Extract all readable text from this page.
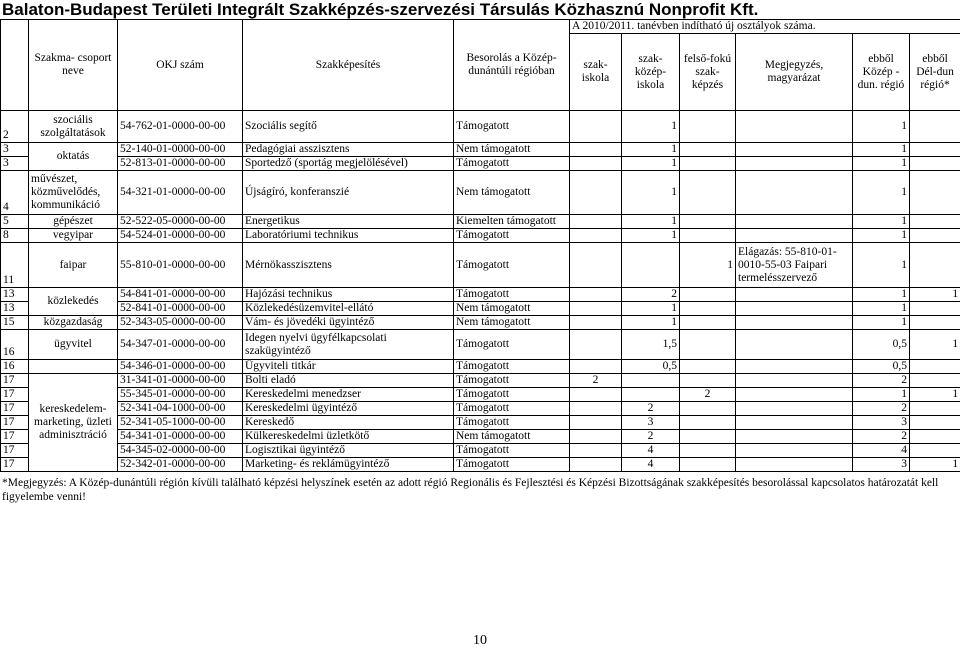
Balaton-Budapest Területi Integrált Szakképzés-szervezési Társulás Közhasznú Nonprofit Kft.
	Szakma- csoport neve	OKJ szám	Szakképesítés	Besorolás a Közép-dunántúli régióban	A 2010/2011. tanévben indítható új osztályok száma.					
					szak-iskola	szak-közép-iskola	felső-fokú szak-képzés	Megjegyzés, magyarázat	ebből Közép -dun. régió	ebből Dél-dun régió*
2	szociális szolgáltatások	54-762-01-0000-00-00	Szociális segítő	Támogatott		1			1	
3	oktatás	52-140-01-0000-00-00	Pedagógiai asszisztens	Nem támogatott		1			1	
3		52-813-01-0000-00-00	Sportedző (sportág megjelölésével)	Támogatott		1			1	
4	művészet, közművelődés, kommunikáció	54-321-01-0000-00-00	Újságíró, konferanszié	Nem támogatott		1			1	
5	gépészet	52-522-05-0000-00-00	Energetikus	Kiemelten támogatott		1			1	
8	vegyipar	54-524-01-0000-00-00	Laboratóriumi technikus	Támogatott		1			1	
11	faipar	55-810-01-0000-00-00	Mérnökasszisztens	Támogatott			1	Elágazás: 55-810-01-0010-55-03 Faipari termelésszervező	1	
13	közlekedés	54-841-01-0000-00-00	Hajózási technikus	Támogatott		2			1	1
13		52-841-01-0000-00-00	Közlekedésüzemvitel-ellátó	Nem támogatott		1			1	
15	közgazdaság	52-343-05-0000-00-00	Vám- és jövedéki ügyintéző	Nem támogatott		1			1	
16	ügyvitel	54-347-01-0000-00-00	Idegen nyelvi ügyfélkapcsolati szakügyintéző	Támogatott		1,5			0,5	1
16		54-346-01-0000-00-00	Ügyviteli titkár	Támogatott		0,5			0,5	
17	kereskedelem-marketing, üzleti adminisztráció	31-341-01-0000-00-00	Bolti eladó	Támogatott	2				2	
17		55-345-01-0000-00-00	Kereskedelmi menedzser	Támogatott			2		1	1
17		52-341-04-1000-00-00	Kereskedelmi ügyintéző	Támogatott		2			2	
17		52-341-05-1000-00-00	Kereskedő	Támogatott		3			3	
17		54-341-01-0000-00-00	Külkereskedelmi üzletkötő	Nem támogatott		2			2	
17		54-345-02-0000-00-00	Logisztikai ügyintéző	Támogatott		4			4	
17		52-342-01-0000-00-00	Marketing- és reklámügyintéző	Támogatott		4			3	1
*Megjegyzés: A Közép-dunántúli régión kívüli található képzési helyszínek esetén az adott régió Regionális és Fejlesztési és Képzési Bizottságának szakképesítés besorolással kapcsolatos határozatát kell figyelembe venni!
10
